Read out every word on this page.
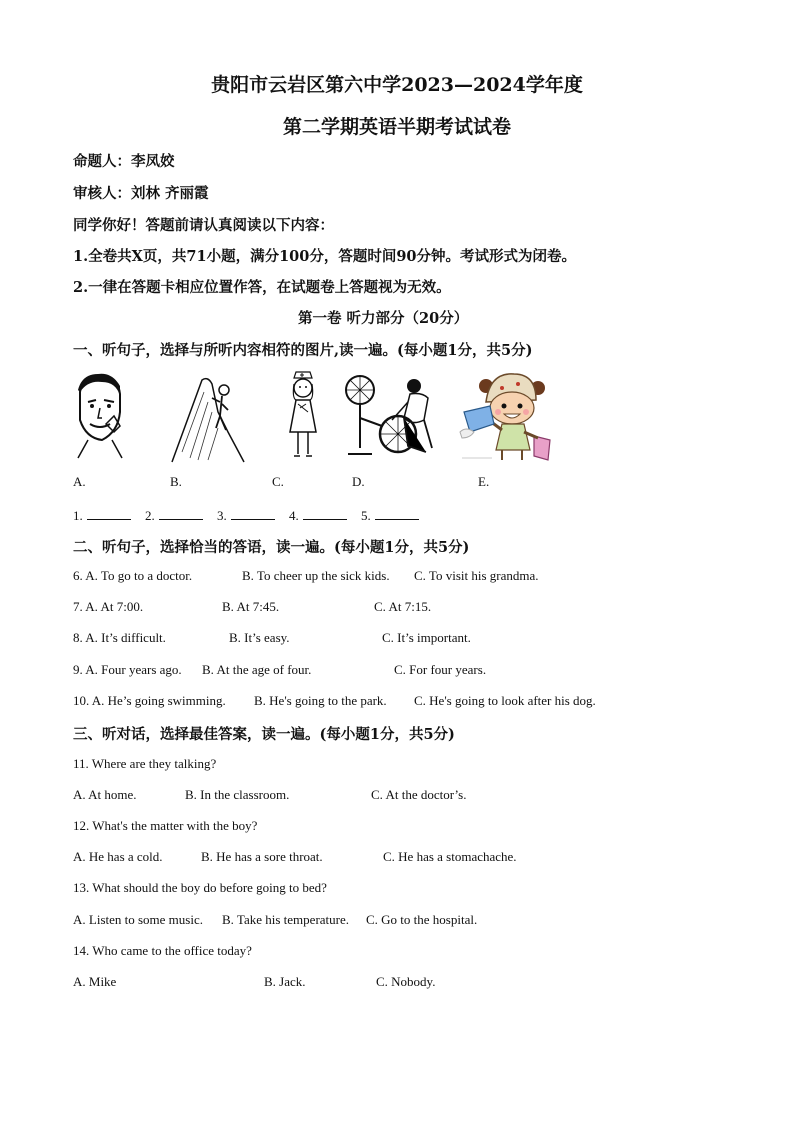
贵阳市云岩区第六中学2023—2024学年度
第二学期英语半期考试试卷
命题人：李凤姣
审核人：刘林 齐丽霞
同学你好！答题前请认真阅读以下内容：
1.全卷共X页，共71小题，满分100分，答题时间90分钟。考试形式为闭卷。
2.一律在答题卡相应位置作答，在试题卷上答题视为无效。
第一卷 听力部分（20分）
一、听句子，选择与所听内容相符的图片,读一遍。(每小题1分，共5分)
A.	B.	C.	D.	E.
1.	2.	3.	4.	5.
二、听句子，选择恰当的答语，读一遍。(每小题1分，共5分)
6. A. To go to a doctor.	B. To cheer up the sick kids. C. To visit his grandma.
7. A. At 7:00.	B. At 7:45.	C. At 7:15.
8. A. It’s difficult.	B. It’s easy.	C. It’s important.
9. A. Four years ago. B. At the age of four.	C. For four years.
10. A. He’s going swimming. B. He's going to the park. C. He's going to look after his dog.
三、听对话，选择最佳答案，读一遍。(每小题1分，共5分)
11. Where are they talking?
A. At home.	B. In the classroom.	C. At the doctor’s.
12. What's the matter with the boy?
A. He has a cold.	B. He has a sore throat.	C. He has a stomachache.
13. What should the boy do before going to bed?
A. Listen to some music. B. Take his temperature. C. Go to the hospital.
14. Who came to the office today?
A. Mike	B. Jack.	C. Nobody.
